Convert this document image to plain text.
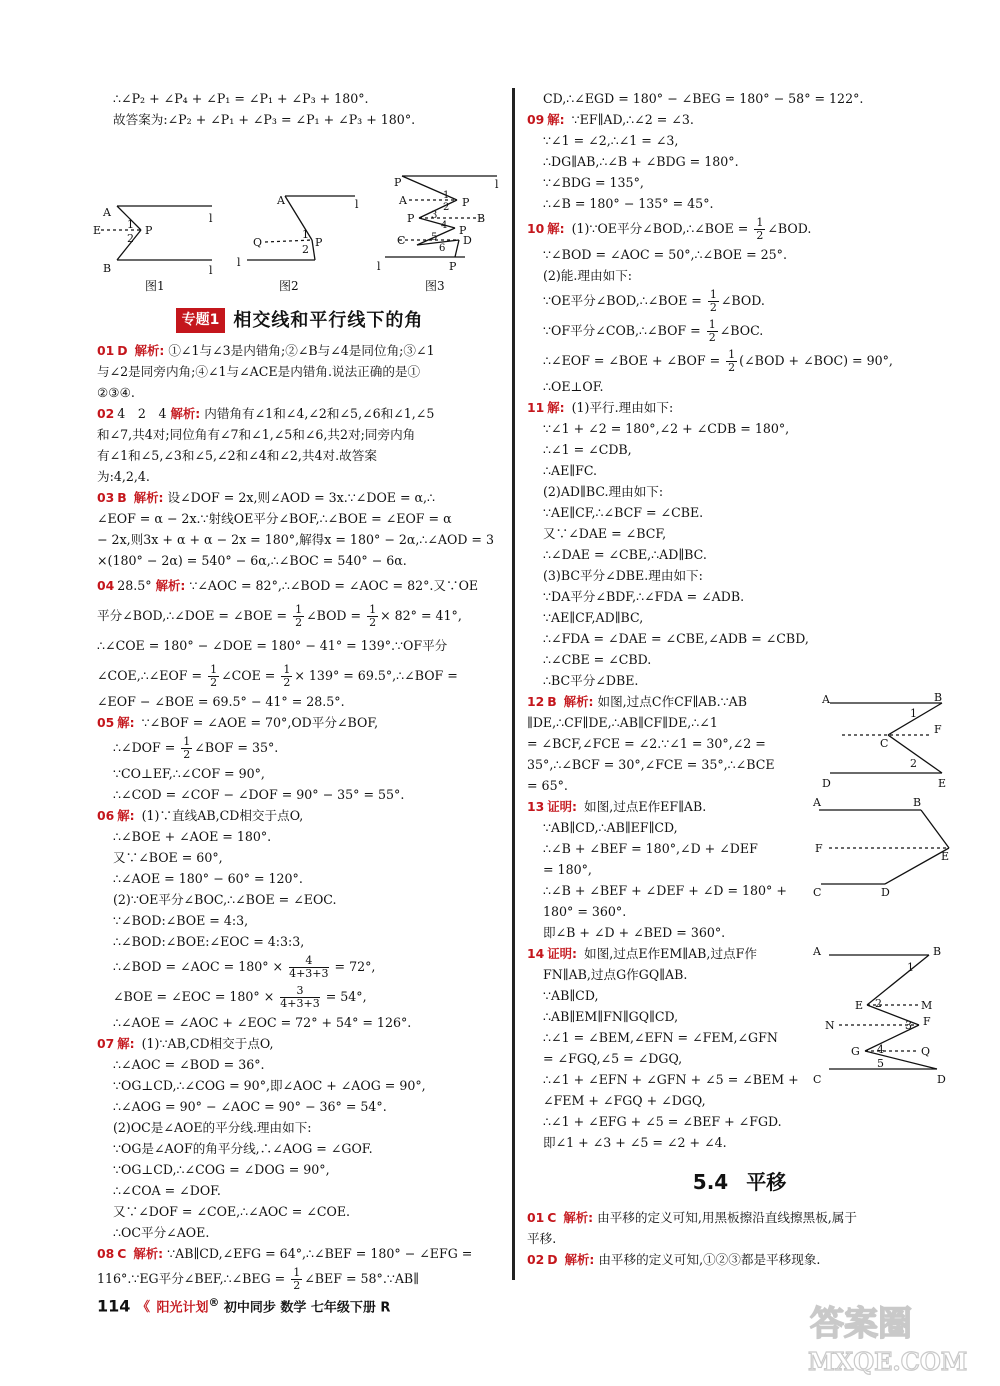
∴∠P₂ + ∠P₄ + ∠P₁ = ∠P₁ + ∠P₃ + 180°.
故答案为:∠P₂ + ∠P₁ + ∠P₃ = ∠P₁ + ∠P₃ + 180°.
A
E
B
P
1
2
l
l
图1
A
Q	P
l
l
1
2
图2
P
A	P
P	B
P
C	D
P
l
l
1
2
3
4
5
6
图3
专题1 相交线和平行线下的角
01 D 解析: ①∠1与∠3是内错角;②∠B与∠4是同位角;③∠1
与∠2是同旁内角;④∠1与∠ACE是内错角.说法正确的是①
②③④.
02 4　2　4 解析: 内错角有∠1和∠4,∠2和∠5,∠6和∠1,∠5
和∠7,共4对;同位角有∠7和∠1,∠5和∠6,共2对;同旁内角
有∠1和∠5,∠3和∠5,∠2和∠4和∠2,共4对.故答案
为:4,2,4.
03 B 解析: 设∠DOF = 2x,则∠AOD = 3x.∵∠DOE = α,∴
∠EOF = α − 2x.∵射线OE平分∠BOF,∴∠BOE = ∠EOF = α
− 2x,则3x + α + α − 2x = 180°,解得x = 180° − 2α,∴∠AOD = 3
×(180° − 2α) = 540° − 6α,∴∠BOC = 540° − 6α.
04 28.5° 解析: ∵∠AOC = 82°,∴∠BOD = ∠AOC = 82°.又∵OE
平分∠BOD,∴∠DOE = ∠BOE = $\frac{1}{2}$ ∠BOD = $\frac{1}{2} \times 82^\circ = 41^\circ$,
∴∠COE = 180° − ∠DOE = 180° − 41° = 139°.∵OF平分
∠COE,∴∠EOF = $\frac{1}{2}$ ∠COE = $\frac{1}{2} \times 139^\circ$ = 69.5°,∴∠BOF =
∠EOF − ∠BOE = 69.5° − 41° = 28.5°.
05 解: ∵∠BOF = ∠AOE = 70°,OD平分∠BOF,
∴∠DOF = $\frac{1}{2}$ ∠BOF = 35°.
∵CO⊥EF,∴∠COF = 90°,
∴∠COD = ∠COF − ∠DOF = 90° − 35° = 55°.
06 解: (1)∵直线AB,CD相交于点O,
∴∠BOE + ∠AOE = 180°.
又∵∠BOE = 60°,
∴∠AOE = 180° − 60° = 120°.
(2)∵OE平分∠BOC,∴∠BOE = ∠EOC.
∵∠BOD:∠BOE = 4:3,
∴∠BOD:∠BOE:∠EOC = 4:3:3,
∴∠BOD = ∠AOC = $180^\circ \times \frac{4}{4+3+3} = 72^\circ$,
∠BOE = ∠EOC = $180^\circ \times \frac{3}{4+3+3} = 54^\circ$,
∴∠AOE = ∠AOC + ∠EOC = 72° + 54° = 126°.
07 解: (1)∵AB,CD相交于点O,
∴∠AOC = ∠BOD = 36°.
∵OG⊥CD,∴∠COG = 90°,即∠AOC + ∠AOG = 90°,
∴∠AOG = 90° − ∠AOC = 90° − 36° = 54°.
(2)OC是∠AOE的平分线.理由如下:
∵OG是∠AOF的角平分线,∴∠AOG = ∠GOF.
∵OG⊥CD,∴∠COG = ∠DOG = 90°,
∴∠COA = ∠DOF.
又∵∠DOF = ∠COE,∴∠AOC = ∠COE.
∴OC平分∠AOE.
08 C 解析: ∵AB∥CD,∠EFG = 64°,∴∠BEF = 180° − ∠EFG =
116°.∵EG平分∠BEF,∴∠BEG = $\frac{1}{2}$ ∠BEF = 58°.∵AB∥
CD,∴∠EGD = 180° − ∠BEG = 180° − 58° = 122°.
09 解: ∵EF∥AD,∴∠2 = ∠3.
∵∠1 = ∠2,∴∠1 = ∠3,
∴DG∥AB,∴∠B + ∠BDG = 180°.
∵∠BDG = 135°,
∴∠B = 180° − 135° = 45°.
10 解: (1)∵OE平分∠BOD,∴∠BOE = $\frac{1}{2}$ ∠BOD.
∵∠BOD = ∠AOC = 50°,∴∠BOE = 25°.
(2)能.理由如下:
∵OE平分∠BOD,∴∠BOE = $\frac{1}{2}$ ∠BOD.
∵OF平分∠COB,∴∠BOF = $\frac{1}{2}$ ∠BOC.
∴∠EOF = ∠BOE + ∠BOF = $\frac{1}{2}$ (∠BOD + ∠BOC) = 90°,
∴OE⊥OF.
11 解: (1)平行.理由如下:
∵∠1 + ∠2 = 180°,∠2 + ∠CDB = 180°,
∴∠1 = ∠CDB,
∴AE∥FC.
(2)AD∥BC.理由如下:
∵AE∥CF,∴∠BCF = ∠CBE.
又∵∠DAE = ∠BCF,
∴∠DAE = ∠CBE,∴AD∥BC.
(3)BC平分∠DBE.理由如下:
∵DA平分∠BDF,∴∠FDA = ∠ADB.
∵AE∥CF,AD∥BC,
∴∠FDA = ∠DAE = ∠CBE,∠ADB = ∠CBD,
∴∠CBE = ∠CBD.
∴BC平分∠DBE.
12 B 解析: 如图,过点C作CF∥AB.∵AB
∥DE,∴CF∥DE,∴AB∥CF∥DE,∴∠1
= ∠BCF,∠FCE = ∠2.∵∠1 = 30°,∠2 =
35°,∴∠BCF = 30°,∠FCE = 35°,∴∠BCE
= 65°.
A	B
C
F
D	E
1
2
13 证明: 如图,过点E作EF∥AB.
∵AB∥CD,∴AB∥EF∥CD,
∴∠B + ∠BEF = 180°,∠D + ∠DEF
= 180°,
∴∠B + ∠BEF + ∠DEF + ∠D = 180° +
180° = 360°.
即∠B + ∠D + ∠BED = 360°.
A	B
E
F
C	D
14 证明: 如图,过点E作EM∥AB,过点F作
FN∥AB,过点G作GQ∥AB.
∵AB∥CD,
∴AB∥EM∥FN∥GQ∥CD,
∴∠1 = ∠BEM,∠EFN = ∠FEM,∠GFN
= ∠FGQ,∠5 = ∠DGQ,
∴∠1 + ∠EFN + ∠GFN + ∠5 = ∠BEM +
∠FEM + ∠FGQ + ∠DGQ,
∴∠1 + ∠EFG + ∠5 = ∠BEF + ∠FGD.
即∠1 + ∠3 + ∠5 = ∠2 + ∠4.
A	B
E	M
N	F
G	Q
C	D
1
2
3
4
5
5.4 平移
01 C 解析: 由平移的定义可知,用黑板擦沿直线擦黑板,属于
平移.
02 D 解析: 由平移的定义可知,①②③都是平移现象.
114 《 阳光计划® 初中同步 数学 七年级下册 R	答案圈
MXQE.COM
